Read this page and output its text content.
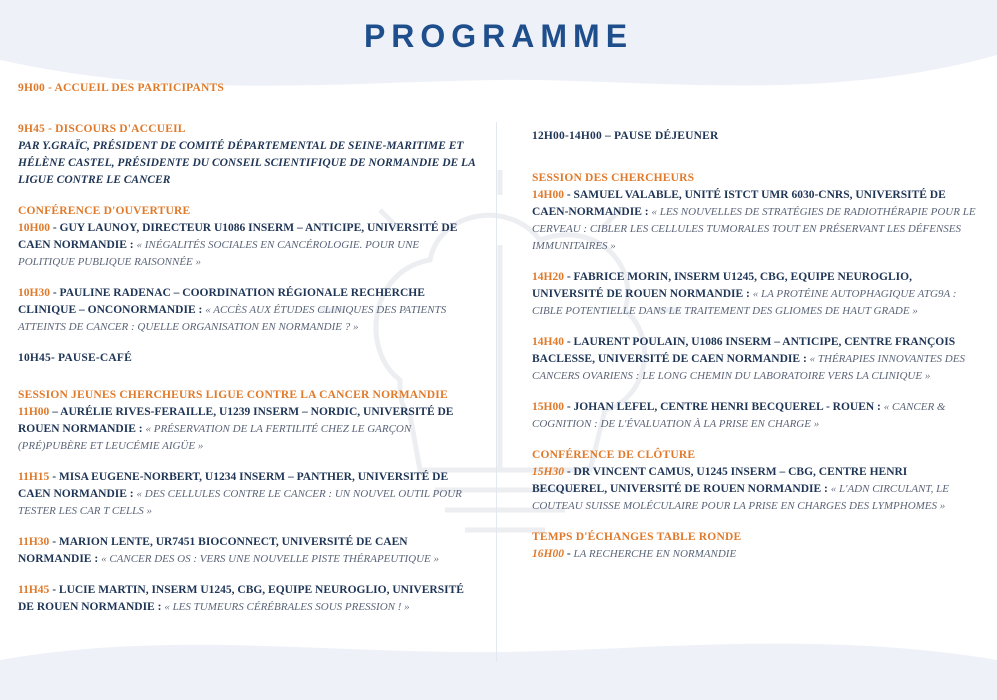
PROGRAMME

9H00 - ACCUEIL DES PARTICIPANTS

9H45 - DISCOURS D'ACCUEIL

PAR Y.GRAÏC, PRÉSIDENT DE COMITÉ DÉPARTEMENTAL DE SEINE-MARITIME ET HÉLÈNE CASTEL, PRÉSIDENTE DU CONSEIL SCIENTIFIQUE DE NORMANDIE DE LA LIGUE CONTRE LE CANCER

CONFÉRENCE D'OUVERTURE

10H00 - GUY LAUNOY, DIRECTEUR U1086 INSERM – ANTICIPE, UNIVERSITÉ DE CAEN NORMANDIE : « INÉGALITÉS SOCIALES EN CANCÉROLOGIE. POUR UNE POLITIQUE PUBLIQUE RAISONNÉE »

10H30 - PAULINE RADENAC – COORDINATION RÉGIONALE RECHERCHE CLINIQUE – ONCONORMANDIE : « ACCÈS AUX ÉTUDES CLINIQUES DES PATIENTS ATTEINTS DE CANCER : QUELLE ORGANISATION EN NORMANDIE ? »

10H45- PAUSE-CAFÉ

SESSION JEUNES CHERCHEURS LIGUE CONTRE LA CANCER NORMANDIE

11H00 – AURÉLIE RIVES-FERAILLE, U1239 INSERM – NORDIC, UNIVERSITÉ DE ROUEN NORMANDIE : « PRÉSERVATION DE LA FERTILITÉ CHEZ LE GARÇON (PRÉ)PUBÈRE ET LEUCÉMIE AIGÜE »

11H15 - MISA EUGENE-NORBERT, U1234 INSERM – PANTHER, UNIVERSITÉ DE CAEN NORMANDIE : « DES CELLULES CONTRE LE CANCER : UN NOUVEL OUTIL POUR TESTER LES CAR T CELLS »

11H30 - MARION LENTE, UR7451 BIOCONNECT, UNIVERSITÉ DE CAEN NORMANDIE : « CANCER DES OS : VERS UNE NOUVELLE PISTE THÉRAPEUTIQUE »

11H45 - LUCIE MARTIN, INSERM U1245, CBG, EQUIPE NEUROGLIO, UNIVERSITÉ DE ROUEN NORMANDIE : « LES TUMEURS CÉRÉBRALES SOUS PRESSION ! »

12H00-14H00 – PAUSE DÉJEUNER

SESSION DES CHERCHEURS

14H00 - SAMUEL VALABLE, UNITÉ ISTCT UMR 6030-CNRS, UNIVERSITÉ DE CAEN-NORMANDIE : « LES NOUVELLES DE STRATÉGIES DE RADIOTHÉRAPIE POUR LE CERVEAU : CIBLER LES CELLULES TUMORALES TOUT EN PRÉSERVANT LES DÉFENSES IMMUNITAIRES »

14H20 - FABRICE MORIN, INSERM U1245, CBG, EQUIPE NEUROGLIO, UNIVERSITÉ DE ROUEN NORMANDIE : « LA PROTÉINE AUTOPHAGIQUE ATG9A : CIBLE POTENTIELLE DANS LE TRAITEMENT DES GLIOMES DE HAUT GRADE »

14H40 - LAURENT POULAIN, U1086 INSERM – ANTICIPE, CENTRE FRANÇOIS BACLESSE, UNIVERSITÉ DE CAEN NORMANDIE : « THÉRAPIES INNOVANTES DES CANCERS OVARIENS : LE LONG CHEMIN DU LABORATOIRE VERS LA CLINIQUE »

15H00 - JOHAN LEFEL, CENTRE HENRI BECQUEREL - ROUEN : « CANCER & COGNITION : DE L'ÉVALUATION À LA PRISE EN CHARGE »

CONFÉRENCE DE CLÔTURE

15H30 - DR VINCENT CAMUS, U1245 INSERM – CBG, CENTRE HENRI BECQUEREL, UNIVERSITÉ DE ROUEN NORMANDIE : « L'ADN CIRCULANT, LE COUTEAU SUISSE MOLÉCULAIRE POUR LA PRISE EN CHARGES DES LYMPHOMES »

TEMPS D'ÉCHANGES TABLE RONDE

16H00 - LA RECHERCHE EN NORMANDIE
